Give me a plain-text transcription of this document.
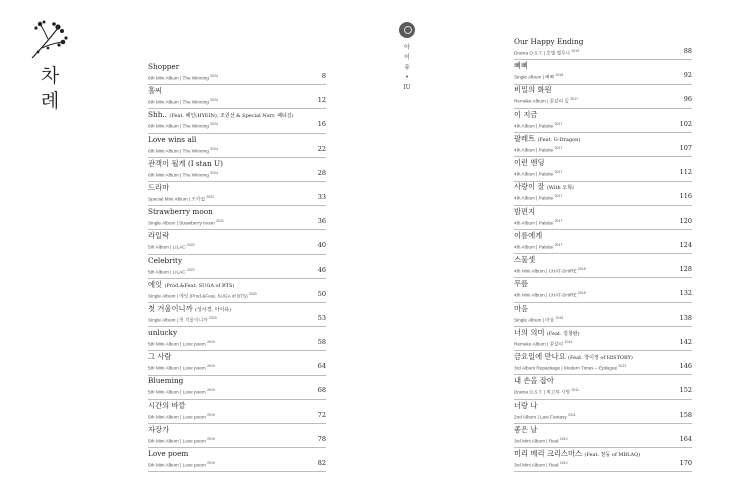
차
례
Shopper
6th Mini Album | The Winning $^{2024}$	8
홀씨
6th Mini Album | The Winning $^{2024}$	12
Shh.. (Feat. 혜인(HYEIN), 조원선 & Special Narr. 패티김)
6th Mini Album | The Winning $^{2024}$	16
Love wins all
6th Mini Album | The Winning $^{2024}$	22
관객이 될게 (I stan U)
6th Mini Album | The Winning $^{2024}$	28
드라마
Special Mini Album | 조각집 $^{2022}$	33
Strawberry moon
Single Album | Strawberry moon $^{2021}$	36
라일락
5th Album | LILAC $^{2021}$	40
Celebrity
5th Album | LILAC $^{2021}$	46
에잇 (Prod.&Feat. SUGA of BTS)
Single Album | 에잇 (Prod.&Feat. SUGA of BTS) $^{2020}$	50
첫 겨울이니까 (성시경, 아이유)
Single Album | 첫 겨울이니까 $^{2019}$	53
unlucky
5th Mini Album | Love poem $^{2019}$	58
그 사람
5th Mini Album | Love poem $^{2019}$	64
Blueming
5th Mini Album | Love poem $^{2019}$	68
시간의 바깥
5th Mini Album | Love poem $^{2019}$	72
자장가
5th Mini Album | Love poem $^{2019}$	78
Love poem
5th Mini Album | Love poem $^{2019}$	82
아
이
유
•
IU
Our Happy Ending
Drama O.S.T. | 호텔 델루나 $^{2019}$	88
삐삐
Single Album | 삐삐 $^{2018}$	92
비밀의 화원
Remake Album | 꽃갈피 둘 $^{2017}$	96
이 지금
4th Album | Palette $^{2017}$	102
팔레트 (Feat. G-Dragon)
4th Album | Palette $^{2017}$	107
이런 엔딩
4th Album | Palette $^{2017}$	112
사랑이 잘 (With 오혁)
4th Album | Palette $^{2017}$	116
밤편지
4th Album | Palette $^{2017}$	120
이름에게
4th Album | Palette $^{2017}$	124
스물셋
4th Mini Album | CHAT-SHIRE $^{2015}$	128
무릎
4th Mini Album | CHAT-SHIRE $^{2015}$	132
마음
Single Album | 마음 $^{2015}$	138
너의 의미 (Feat. 김창완)
Remake Album | 꽃갈피 $^{2014}$	142
금요일에 만나요 (Feat. 장이정 of HISTORY)
3rd Album Repackage | Modern Times – Epilogue $^{2013}$	146
내 손을 잡아
Drama O.S.T. | 최고의 사랑 $^{2011}$	152
너랑 나
2nd Album | Last Fantasy $^{2011}$	158
좋은 날
3rd Mini Album | Real $^{2010}$	164
미리 메리 크리스마스 (Feat. 천둥 of MBLAQ)
3rd Mini Album | Real $^{2010}$	170
